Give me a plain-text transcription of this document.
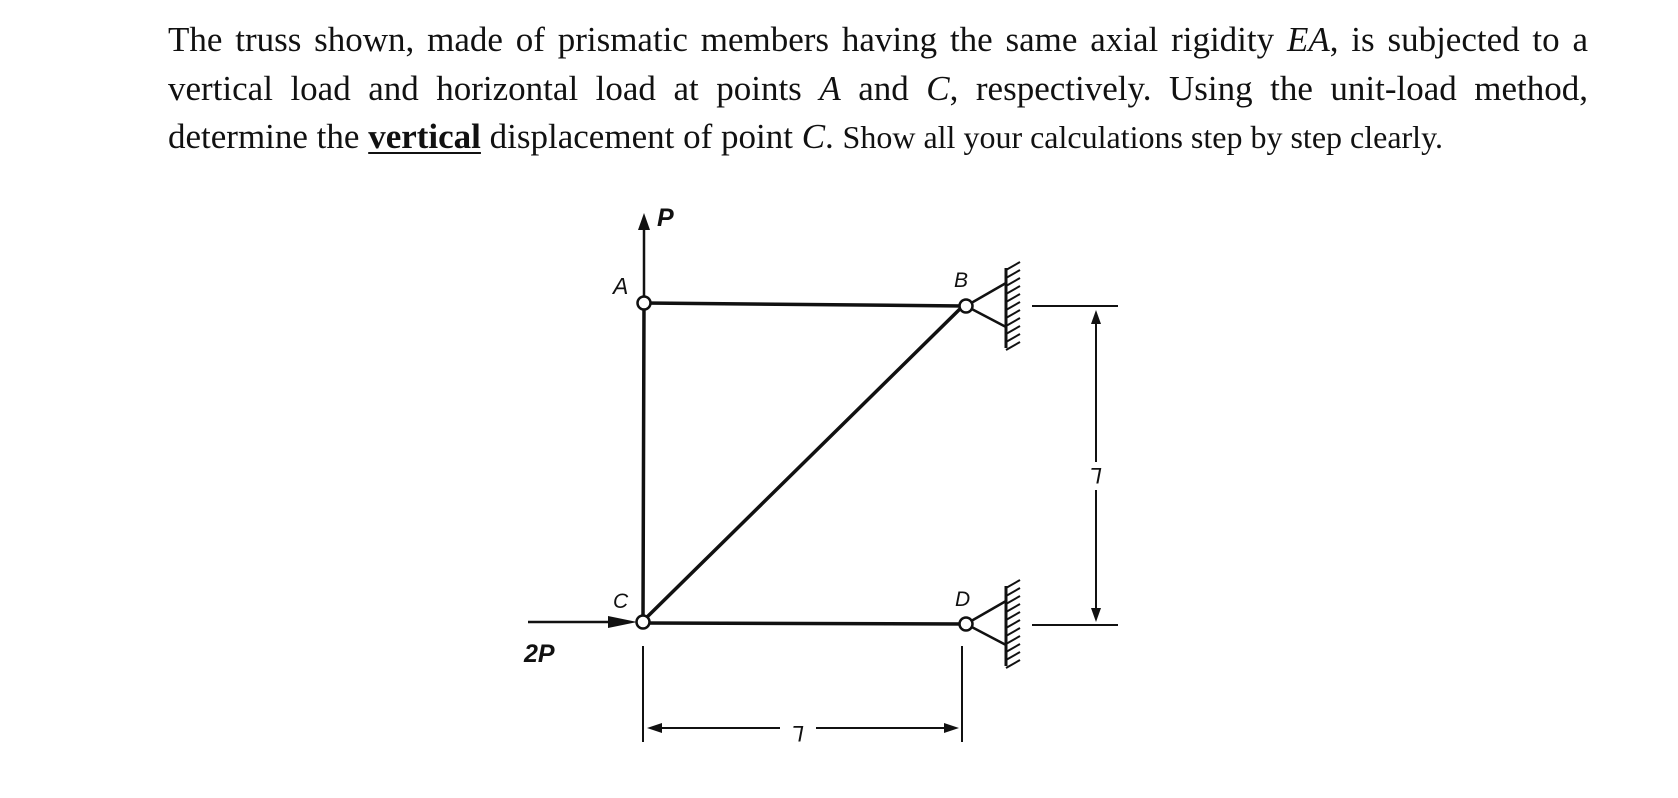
The truss shown, made of prismatic members having the same axial rigidity EA, is subjected to a
vertical load and horizontal load at points A and C, respectively. Using the unit-load method,
determine the vertical displacement of point C. Show all your calculations step by step clearly.
A	B
C	D
P
2P
L
L
